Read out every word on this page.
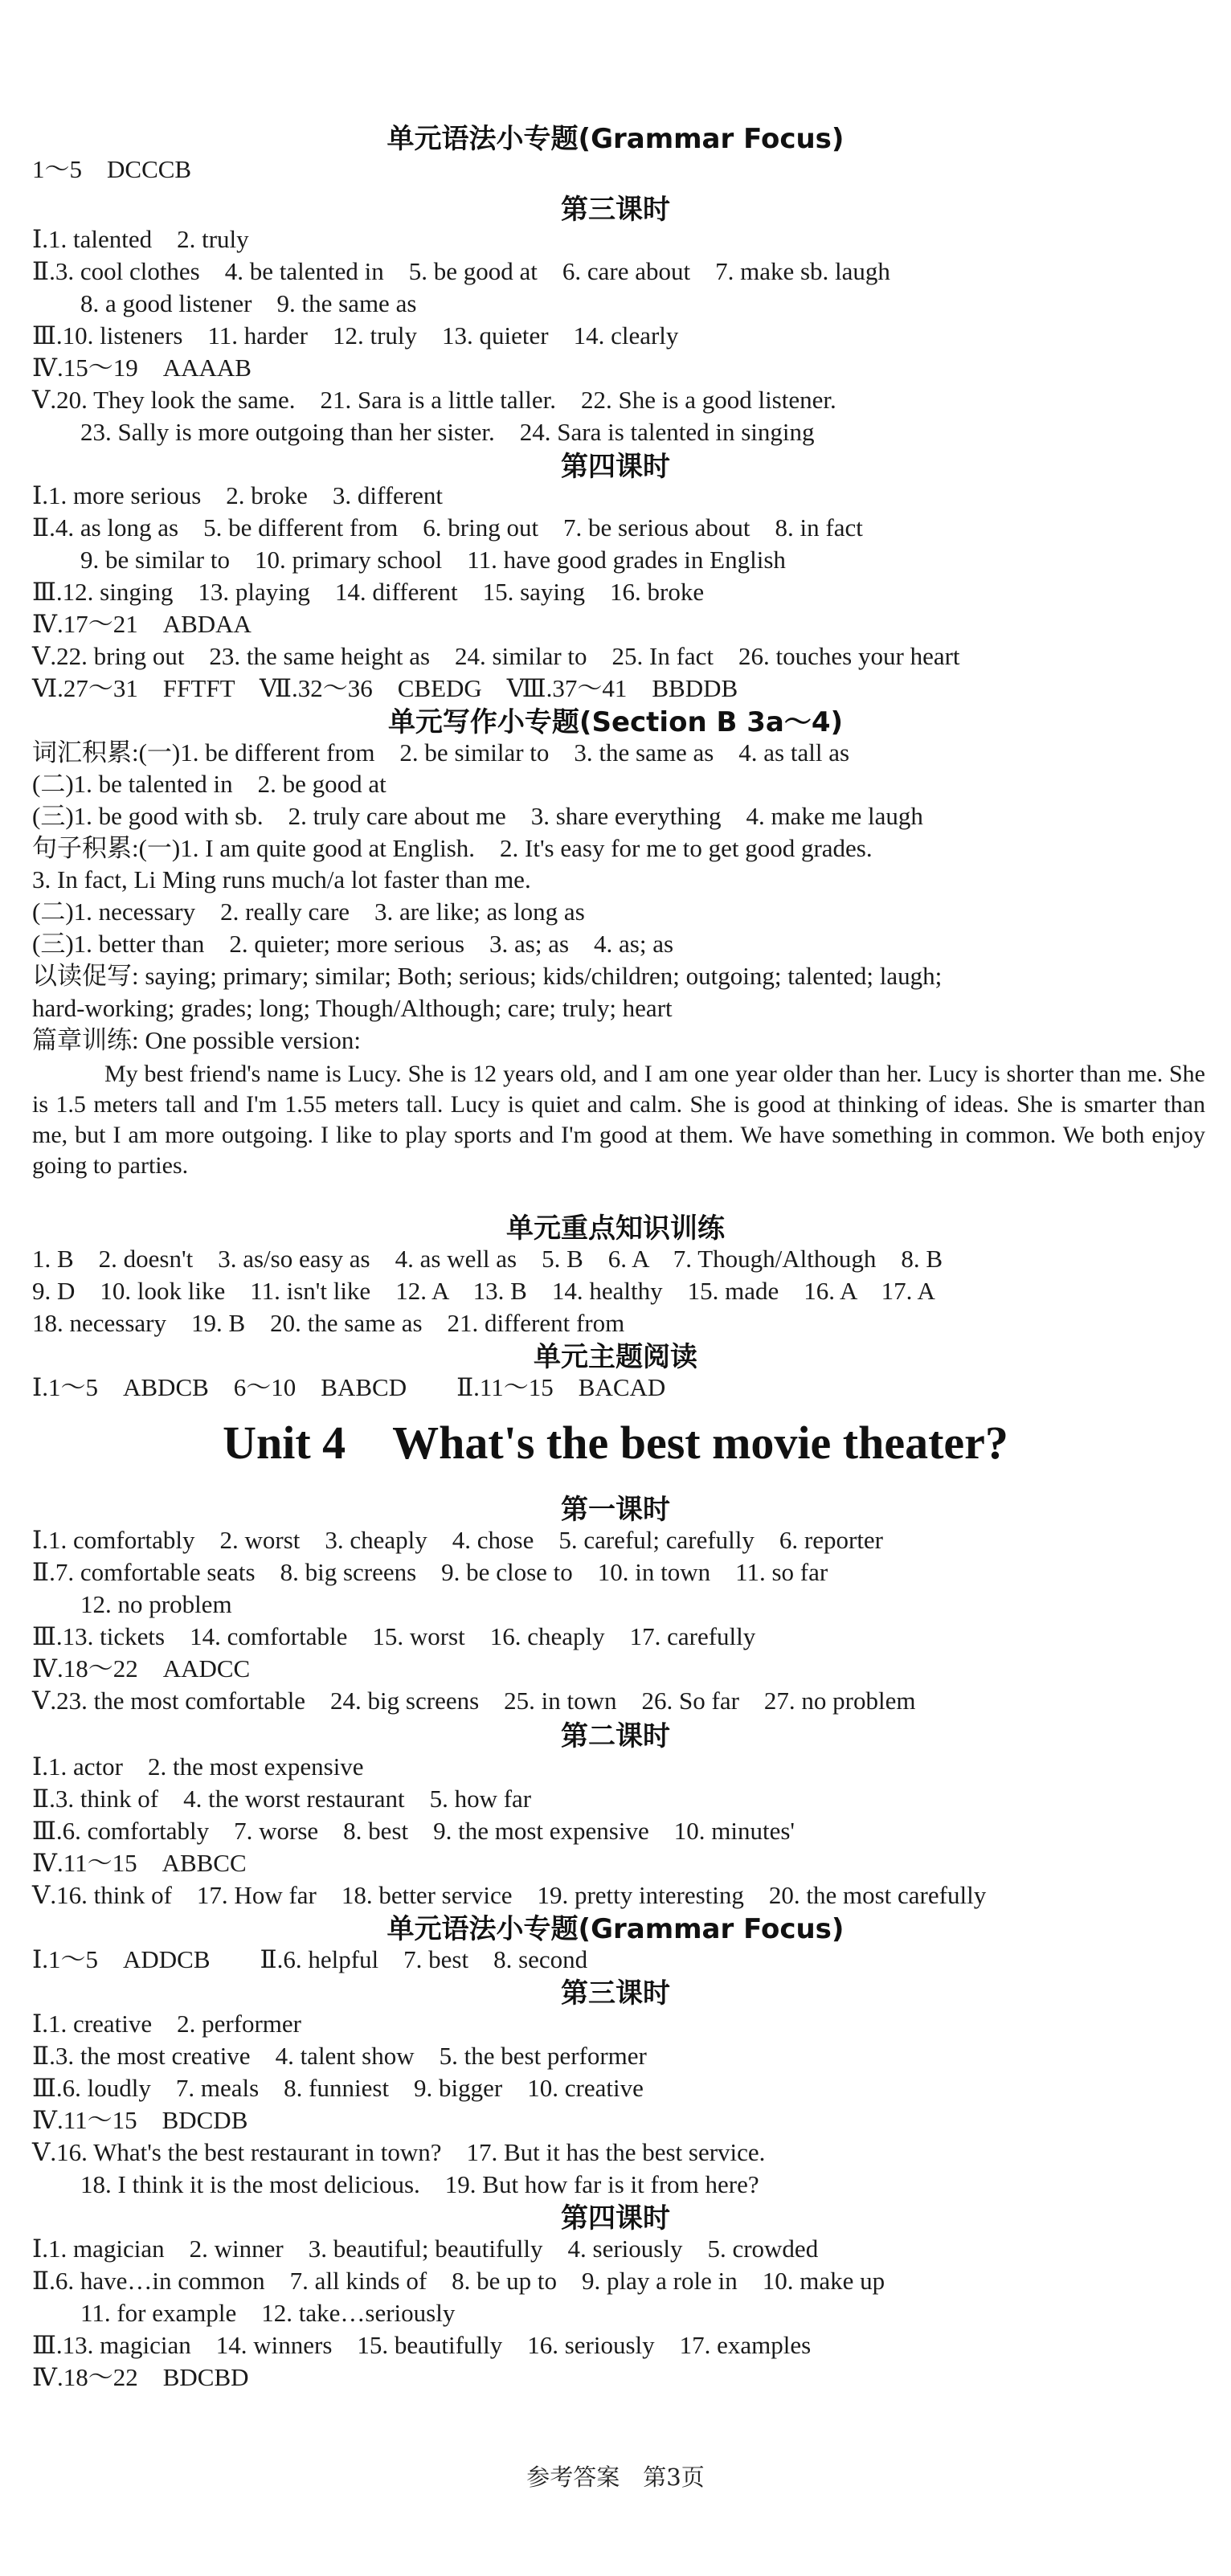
单元语法小专题(Grammar Focus)
1～5　DCCCB
第三课时
Ⅰ.1. talented　2. truly
Ⅱ.3. cool clothes　4. be talented in　5. be good at　6. care about　7. make sb. laugh
8. a good listener　9. the same as
Ⅲ.10. listeners　11. harder　12. truly　13. quieter　14. clearly
Ⅳ.15～19　AAAAB
Ⅴ.20. They look the same.　21. Sara is a little taller.　22. She is a good listener.
23. Sally is more outgoing than her sister.　24. Sara is talented in singing
第四课时
Ⅰ.1. more serious　2. broke　3. different
Ⅱ.4. as long as　5. be different from　6. bring out　7. be serious about　8. in fact
9. be similar to　10. primary school　11. have good grades in English
Ⅲ.12. singing　13. playing　14. different　15. saying　16. broke
Ⅳ.17～21　ABDAA
Ⅴ.22. bring out　23. the same height as　24. similar to　25. In fact　26. touches your heart
Ⅵ.27～31　FFTFT　Ⅶ.32～36　CBEDG　Ⅷ.37～41　BBDDB
单元写作小专题(Section B 3a～4)
词汇积累:(一)1. be different from　2. be similar to　3. the same as　4. as tall as
(二)1. be talented in　2. be good at
(三)1. be good with sb.　2. truly care about me　3. share everything　4. make me laugh
句子积累:(一)1. I am quite good at English.　2. It's easy for me to get good grades.
3. In fact, Li Ming runs much/a lot faster than me.
(二)1. necessary　2. really care　3. are like; as long as
(三)1. better than　2. quieter; more serious　3. as; as　4. as; as
以读促写: saying; primary; similar; Both; serious; kids/children; outgoing; talented; laugh;
hard-working; grades; long; Though/Although; care; truly; heart
篇章训练: One possible version:
My best friend's name is Lucy. She is 12 years old, and I am one year older than her. Lucy is shorter than me. She is 1.5 meters tall and I'm 1.55 meters tall. Lucy is quiet and calm. She is good at thinking of ideas. She is smarter than me, but I am more outgoing. I like to play sports and I'm good at them. We have something in common. We both enjoy going to parties.
单元重点知识训练
1. B　2. doesn't　3. as/so easy as　4. as well as　5. B　6. A　7. Though/Although　8. B
9. D　10. look like　11. isn't like　12. A　13. B　14. healthy　15. made　16. A　17. A
18. necessary　19. B　20. the same as　21. different from
单元主题阅读
Ⅰ.1～5　ABDCB　6～10　BABCD　　Ⅱ.11～15　BACAD
Unit 4　What's the best movie theater?
第一课时
Ⅰ.1. comfortably　2. worst　3. cheaply　4. chose　5. careful; carefully　6. reporter
Ⅱ.7. comfortable seats　8. big screens　9. be close to　10. in town　11. so far
12. no problem
Ⅲ.13. tickets　14. comfortable　15. worst　16. cheaply　17. carefully
Ⅳ.18～22　AADCC
Ⅴ.23. the most comfortable　24. big screens　25. in town　26. So far　27. no problem
第二课时
Ⅰ.1. actor　2. the most expensive
Ⅱ.3. think of　4. the worst restaurant　5. how far
Ⅲ.6. comfortably　7. worse　8. best　9. the most expensive　10. minutes'
Ⅳ.11～15　ABBCC
Ⅴ.16. think of　17. How far　18. better service　19. pretty interesting　20. the most carefully
单元语法小专题(Grammar Focus)
Ⅰ.1～5　ADDCB　　Ⅱ.6. helpful　7. best　8. second
第三课时
Ⅰ.1. creative　2. performer
Ⅱ.3. the most creative　4. talent show　5. the best performer
Ⅲ.6. loudly　7. meals　8. funniest　9. bigger　10. creative
Ⅳ.11～15　BDCDB
Ⅴ.16. What's the best restaurant in town?　17. But it has the best service.
18. I think it is the most delicious.　19. But how far is it from here?
第四课时
Ⅰ.1. magician　2. winner　3. beautiful; beautifully　4. seriously　5. crowded
Ⅱ.6. have…in common　7. all kinds of　8. be up to　9. play a role in　10. make up
11. for example　12. take…seriously
Ⅲ.13. magician　14. winners　15. beautifully　16. seriously　17. examples
Ⅳ.18～22　BDCBD
参考答案　第3页
